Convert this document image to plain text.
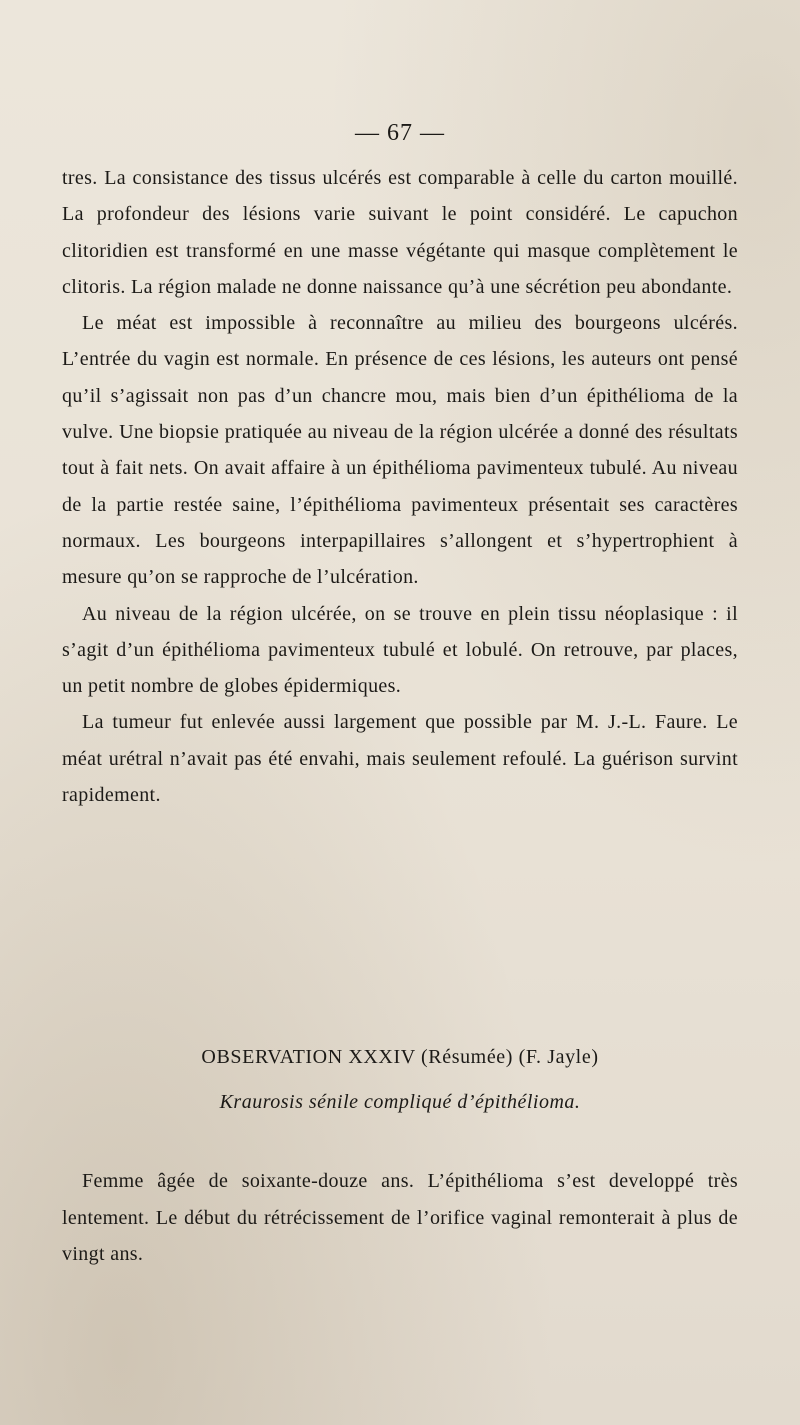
— 67 —

tres. La consistance des tissus ulcérés est comparable à celle du carton mouillé. La profondeur des lésions varie suivant le point considéré. Le capuchon clitoridien est transformé en une masse végétante qui masque complètement le clitoris. La région malade ne donne naissance qu’à une sécrétion peu abondante.

Le méat est impossible à reconnaître au milieu des bourgeons ulcérés. L’entrée du vagin est normale. En présence de ces lésions, les auteurs ont pensé qu’il s’agissait non pas d’un chancre mou, mais bien d’un épithélioma de la vulve. Une biopsie pratiquée au niveau de la région ulcérée a donné des résultats tout à fait nets. On avait affaire à un épithélioma pavimenteux tubulé. Au niveau de la partie restée saine, l’épithélioma pavimenteux présentait ses caractères normaux. Les bourgeons interpapillaires s’allongent et s’hypertrophient à mesure qu’on se rapproche de l’ulcération.

Au niveau de la région ulcérée, on se trouve en plein tissu néoplasique : il s’agit d’un épithélioma pavimenteux tubulé et lobulé. On retrouve, par places, un petit nombre de globes épidermiques.

La tumeur fut enlevée aussi largement que possible par M. J.-L. Faure. Le méat urétral n’avait pas été envahi, mais seulement refoulé. La guérison survint rapidement.

OBSERVATION XXXIV (Résumée) (F. Jayle)
Kraurosis sénile compliqué d’épithélioma.

Femme âgée de soixante-douze ans. L’épithélioma s’est developpé très lentement. Le début du rétrécissement de l’orifice vaginal remonterait à plus de vingt ans.
